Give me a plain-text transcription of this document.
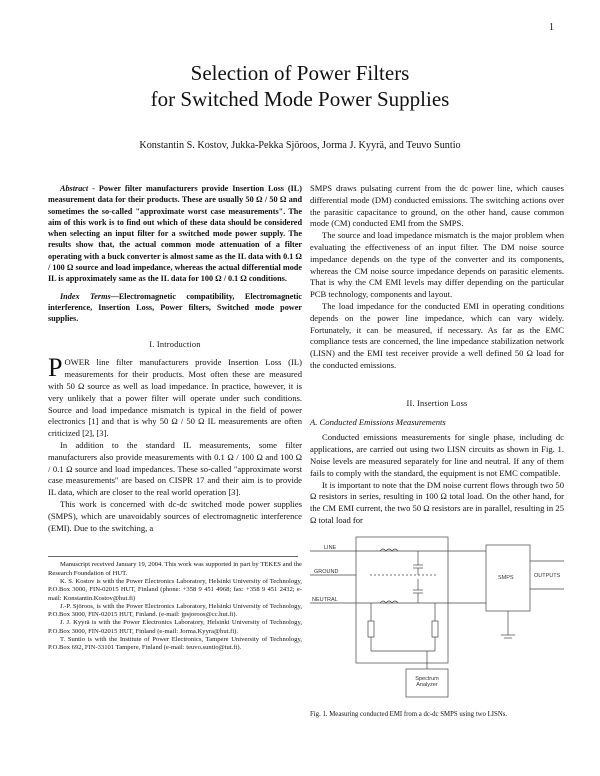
1
Selection of Power Filters
for Switched Mode Power Supplies
Konstantin S. Kostov, Jukka-Pekka Sjöroos, Jorma J. Kyyrä, and Teuvo Suntio

Abstract - Power filter manufacturers provide Insertion Loss (IL) measurement data for their products. These are usually 50 Ω / 50 Ω and sometimes the so-called "approximate worst case measurements". The aim of this work is to find out which of these data should be considered when selecting an input filter for a switched mode power supply. The results show that, the actual common mode attenuation of a filter operating with a buck converter is almost same as the IL data with 0.1 Ω / 100 Ω source and load impedance, whereas the actual differential mode IL is approximately same as the IL data for 100 Ω / 0.1 Ω conditions.

Index Terms—Electromagnetic compatibility, Electromagnetic interference, Insertion Loss, Power filters, Switched mode power supplies.

I. Introduction

POWER line filter manufacturers provide Insertion Loss (IL) measurements for their products. Most often these are measured with 50 Ω source as well as load impedance. In practice, however, it is very unlikely that a power filter will operate under such conditions. Source and load impedance mismatch is typical in the field of power electronics [1] and that is why 50 Ω / 50 Ω IL measurements are often criticized [2], [3].

In addition to the standard IL measurements, some filter manufacturers also provide measurements with 0.1 Ω / 100 Ω and 100 Ω / 0.1 Ω source and load impedances. These so-called "approximate worst case measurements" are based on CISPR 17 and their aim is to provide IL data, which are closer to the real world operation [3].

This work is concerned with dc-dc switched mode power supplies (SMPS), which are unavoidably sources of electromagnetic interference (EMI). Due to the switching, a

Manuscript received January 19, 2004. This work was supported in part by TEKES and the Research Foundation of HUT.

K. S. Kostov is with the Power Electronics Laboratory, Helsinki University of Technology, P.O.Box 3000, FIN-02015 HUT, Finland (phone: +358 9 451 4968; fax: +358 9 451 2432; e-mail: Konstantin.Kostov@hut.fi)

J.-P. Sjöroos, is with the Power Electronics Laboratory, Helsinki University of Technology, P.O.Box 3000, FIN-02015 HUT, Finland. (e-mail: jpsjoroos@cc.hut.fi).

J. J. Kyyrä is with the Power Electronics Laboratory, Helsinki University of Technology, P.O.Box 3000, FIN-02015 HUT, Finland (e-mail: Jorma.Kyyra@hut.fi).

T. Suntio is with the Institute of Power Electronics, Tampere University of Technology, P.O.Box 692, FIN-33101 Tampere, Finland (e-mail: teuvo.suntio@tut.fi).

SMPS draws pulsating current from the dc power line, which causes differential mode (DM) conducted emissions. The switching actions over the parasitic capacitance to ground, on the other hand, cause common mode (CM) conducted EMI from the SMPS.

The source and load impedance mismatch is the major problem when evaluating the effectiveness of an input filter. The DM noise source impedance depends on the type of the converter and its components, whereas the CM noise source impedance depends on parasitic elements. That is why the CM EMI levels may differ depending on the particular PCB technology, components and layout.

The load impedance for the conducted EMI in operating conditions depends on the power line impedance, which can vary widely. Fortunately, it can be measured, if necessary. As far as the EMC compliance tests are concerned, the line impedance stabilization network (LISN) and the EMI test receiver provide a well defined 50 Ω load for the conducted emissions.

II. Insertion Loss
A. Conducted Emissions Measurements

Conducted emissions measurements for single phase, including dc applications, are carried out using two LISN circuits as shown in Fig. 1. Noise levels are measured separately for line and neutral. If any of them fails to comply with the standard, the equipment is not EMC compatible.

It is important to note that the DM noise current flows through two 50 Ω resistors in series, resulting in 100 Ω total load. On the other hand, for the CM EMI current, the two 50 Ω resistors are in parallel, resulting in 25 Ω total load for

LINE
GROUND
NEUTRAL
SMPS	OUTPUTS
Spectrum Analyzer
Fig. 1. Measuring conducted EMI from a dc-dc SMPS using two LISNs.
